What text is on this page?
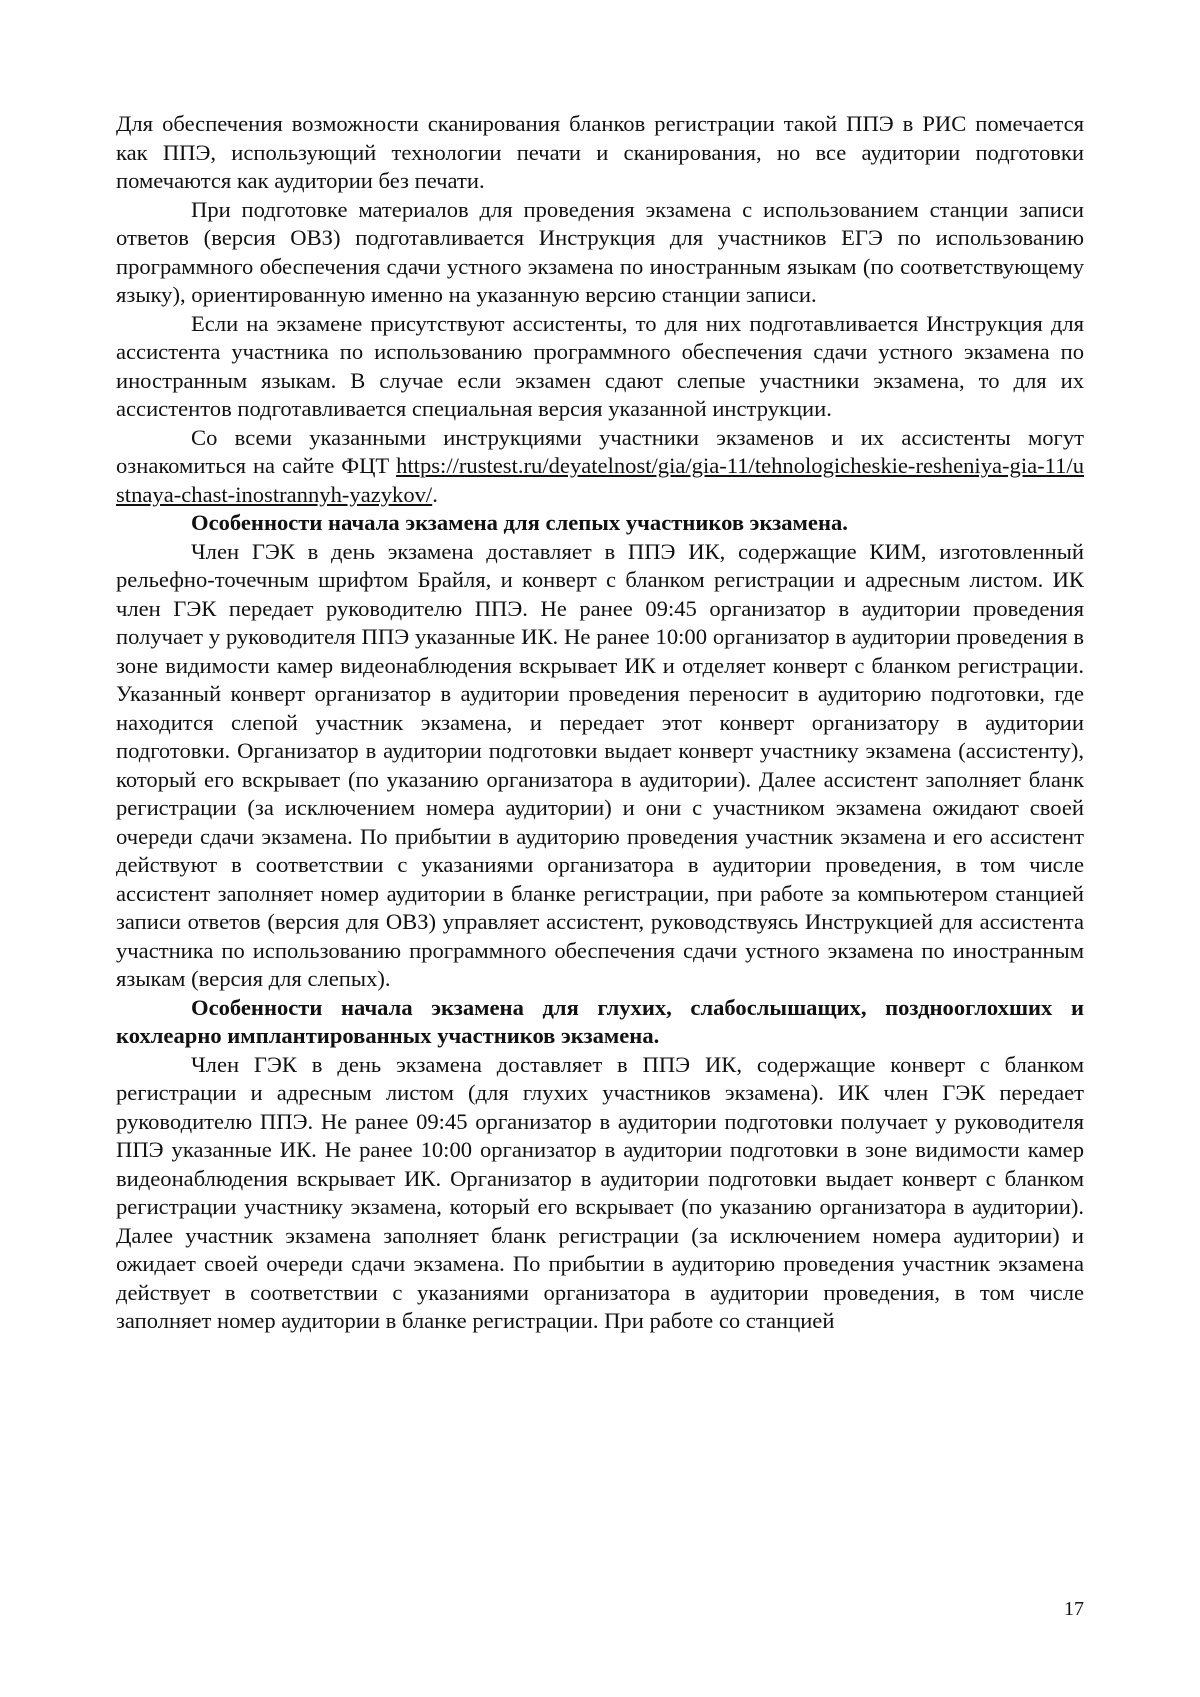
Для обеспечения возможности сканирования бланков регистрации такой ППЭ в РИС помечается как ППЭ, использующий технологии печати и сканирования, но все аудитории подготовки помечаются как аудитории без печати.

При подготовке материалов для проведения экзамена с использованием станции записи ответов (версия ОВЗ) подготавливается Инструкция для участников ЕГЭ по использованию программного обеспечения сдачи устного экзамена по иностранным языкам (по соответствующему языку), ориентированную именно на указанную версию станции записи.

Если на экзамене присутствуют ассистенты, то для них подготавливается Инструкция для ассистента участника по использованию программного обеспечения сдачи устного экзамена по иностранным языкам. В случае если экзамен сдают слепые участники экзамена, то для их ассистентов подготавливается специальная версия указанной инструкции.

Со всеми указанными инструкциями участники экзаменов и их ассистенты могут ознакомиться на сайте ФЦТ https://rustest.ru/deyatelnost/gia/gia-11/tehnologicheskie-resheniya-gia-11/ustnaya-chast-inostrannyh-yazykov/.

Особенности начала экзамена для слепых участников экзамена.

Член ГЭК в день экзамена доставляет в ППЭ ИК, содержащие КИМ, изготовленный рельефно-точечным шрифтом Брайля, и конверт с бланком регистрации и адресным листом. ИК член ГЭК передает руководителю ППЭ. Не ранее 09:45 организатор в аудитории проведения получает у руководителя ППЭ указанные ИК. Не ранее 10:00 организатор в аудитории проведения в зоне видимости камер видеонаблюдения вскрывает ИК и отделяет конверт с бланком регистрации. Указанный конверт организатор в аудитории проведения переносит в аудиторию подготовки, где находится слепой участник экзамена, и передает этот конверт организатору в аудитории подготовки. Организатор в аудитории подготовки выдает конверт участнику экзамена (ассистенту), который его вскрывает (по указанию организатора в аудитории). Далее ассистент заполняет бланк регистрации (за исключением номера аудитории) и они с участником экзамена ожидают своей очереди сдачи экзамена. По прибытии в аудиторию проведения участник экзамена и его ассистент действуют в соответствии с указаниями организатора в аудитории проведения, в том числе ассистент заполняет номер аудитории в бланке регистрации, при работе за компьютером станцией записи ответов (версия для ОВЗ) управляет ассистент, руководствуясь Инструкцией для ассистента участника по использованию программного обеспечения сдачи устного экзамена по иностранным языкам (версия для слепых).

Особенности начала экзамена для глухих, слабослышащих, позднооглохших и кохлеарно имплантированных участников экзамена.

Член ГЭК в день экзамена доставляет в ППЭ ИК, содержащие конверт с бланком регистрации и адресным листом (для глухих участников экзамена). ИК член ГЭК передает руководителю ППЭ. Не ранее 09:45 организатор в аудитории подготовки получает у руководителя ППЭ указанные ИК. Не ранее 10:00 организатор в аудитории подготовки в зоне видимости камер видеонаблюдения вскрывает ИК. Организатор в аудитории подготовки выдает конверт с бланком регистрации участнику экзамена, который его вскрывает (по указанию организатора в аудитории). Далее участник экзамена заполняет бланк регистрации (за исключением номера аудитории) и ожидает своей очереди сдачи экзамена. По прибытии в аудиторию проведения участник экзамена действует в соответствии с указаниями организатора в аудитории проведения, в том числе заполняет номер аудитории в бланке регистрации. При работе со станцией

17
